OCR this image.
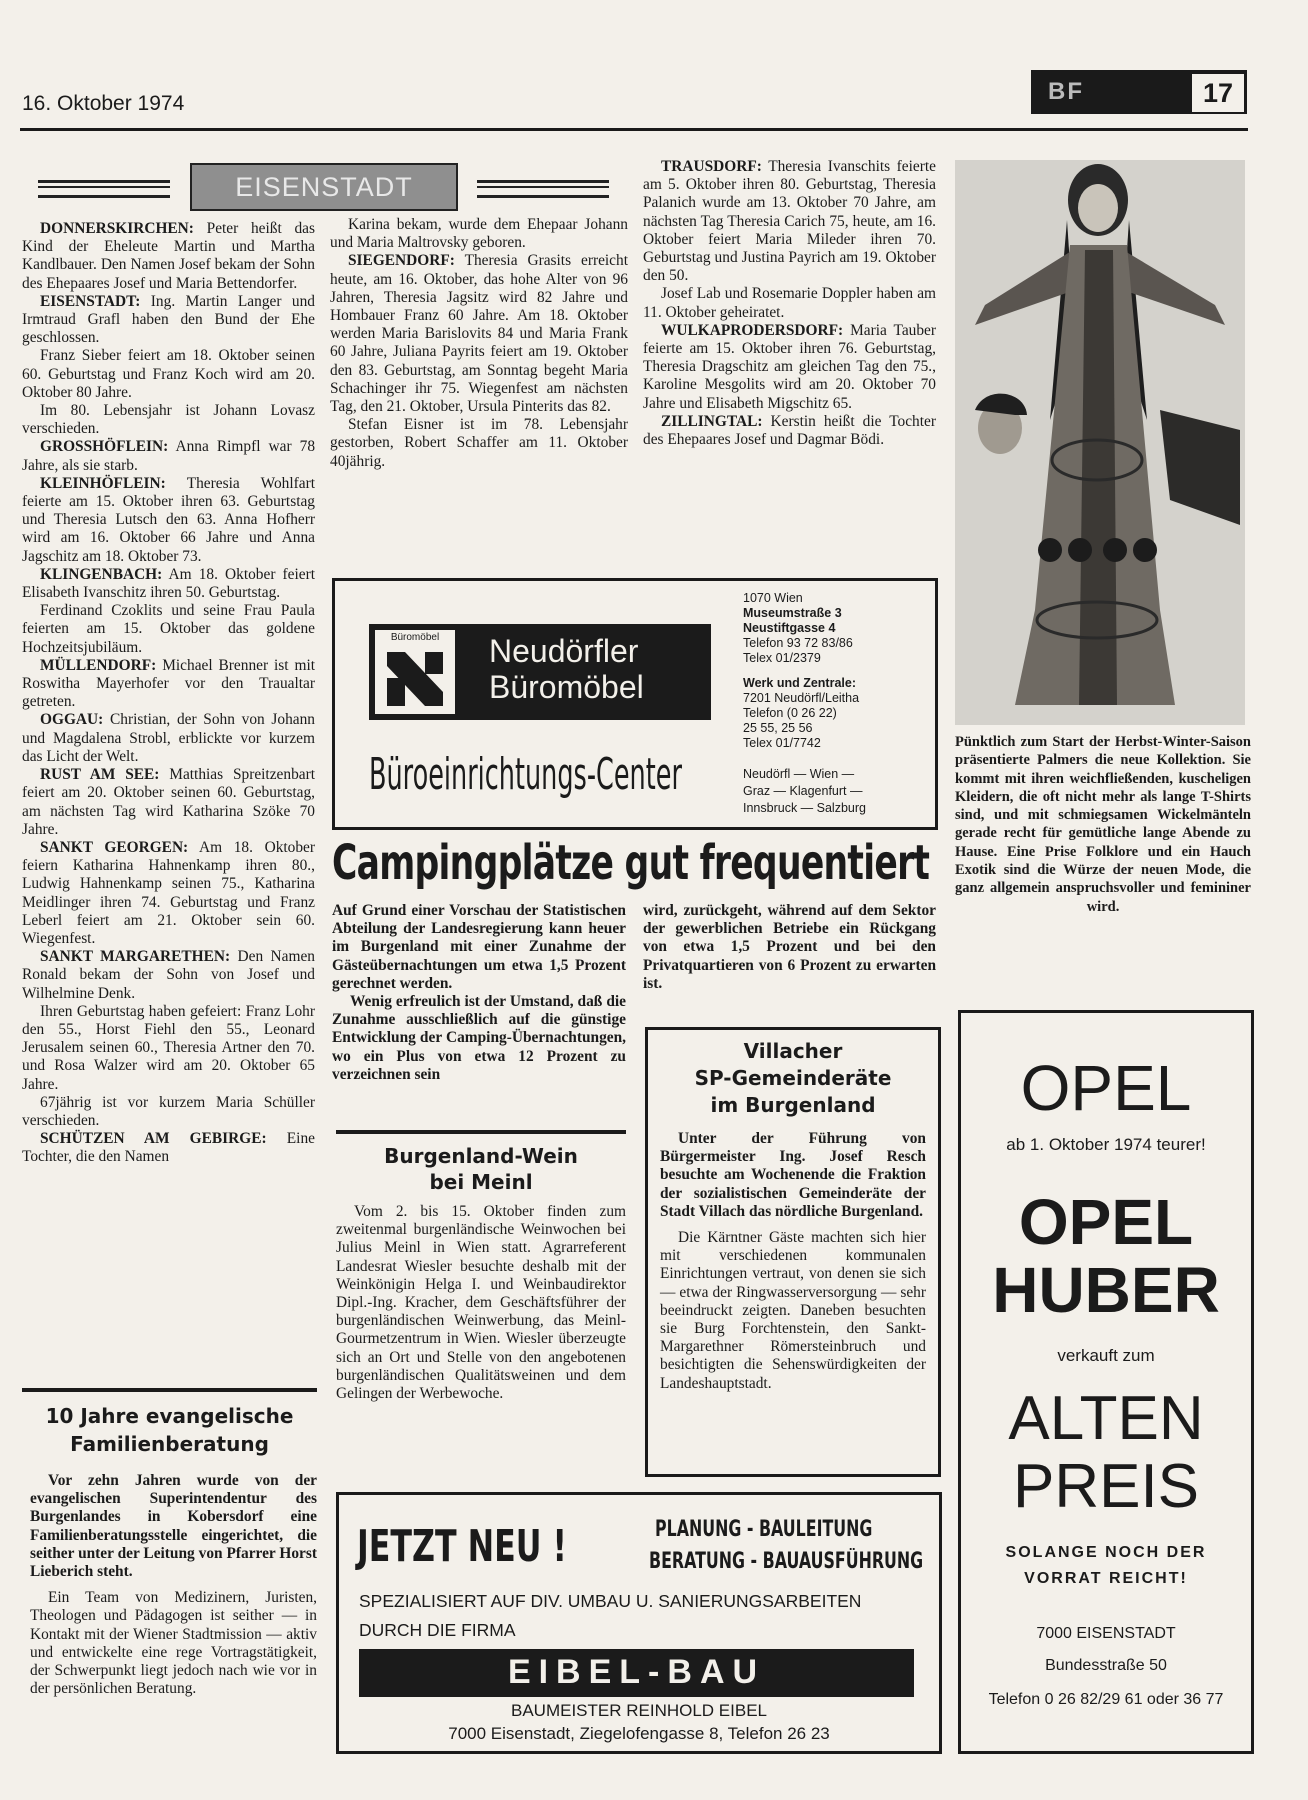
16. Oktober 1974	BF	17
EISENSTADT

DONNERSKIRCHEN: Peter heißt das Kind der Eheleute Martin und Martha Kandlbauer. Den Namen Josef bekam der Sohn des Ehepaares Josef und Maria Bettendorfer.

EISENSTADT: Ing. Martin Langer und Irmtraud Grafl haben den Bund der Ehe geschlossen.

Franz Sieber feiert am 18. Oktober seinen 60. Geburtstag und Franz Koch wird am 20. Oktober 80 Jahre.

Im 80. Lebensjahr ist Johann Lovasz verschieden.

GROSSHÖFLEIN: Anna Rimpfl war 78 Jahre, als sie starb.

KLEINHÖFLEIN: Theresia Wohlfart feierte am 15. Oktober ihren 63. Geburtstag und Theresia Lutsch den 63. Anna Hofherr wird am 16. Oktober 66 Jahre und Anna Jagschitz am 18. Oktober 73.

KLINGENBACH: Am 18. Oktober feiert Elisabeth Ivanschitz ihren 50. Geburtstag.

Ferdinand Czoklits und seine Frau Paula feierten am 15. Oktober das goldene Hochzeitsjubiläum.

MÜLLENDORF: Michael Brenner ist mit Roswitha Mayerhofer vor den Traualtar getreten.

OGGAU: Christian, der Sohn von Johann und Magdalena Strobl, erblickte vor kurzem das Licht der Welt.

RUST AM SEE: Matthias Spreitzenbart feiert am 20. Oktober seinen 60. Geburtstag, am nächsten Tag wird Katharina Szöke 70 Jahre.

SANKT GEORGEN: Am 18. Oktober feiern Katharina Hahnenkamp ihren 80., Ludwig Hahnenkamp seinen 75., Katharina Meidlinger ihren 74. Geburtstag und Franz Leberl feiert am 21. Oktober sein 60. Wiegenfest.

SANKT MARGARETHEN: Den Namen Ronald bekam der Sohn von Josef und Wilhelmine Denk.

Ihren Geburtstag haben gefeiert: Franz Lohr den 55., Horst Fiehl den 55., Leonard Jerusalem seinen 60., Theresia Artner den 70. und Rosa Walzer wird am 20. Oktober 65 Jahre.

67jährig ist vor kurzem Maria Schüller verschieden.

SCHÜTZEN AM GEBIRGE: Eine Tochter, die den Namen

Karina bekam, wurde dem Ehepaar Johann und Maria Maltrovsky geboren.

SIEGENDORF: Theresia Grasits erreicht heute, am 16. Oktober, das hohe Alter von 96 Jahren, Theresia Jagsitz wird 82 Jahre und Hombauer Franz 60 Jahre. Am 18. Oktober werden Maria Barislovits 84 und Maria Frank 60 Jahre, Juliana Payrits feiert am 19. Oktober den 83. Geburtstag, am Sonntag begeht Maria Schachinger ihr 75. Wiegenfest am nächsten Tag, den 21. Oktober, Ursula Pinterits das 82.

Stefan Eisner ist im 78. Lebensjahr gestorben, Robert Schaffer am 11. Oktober 40jährig.

TRAUSDORF: Theresia Ivanschits feierte am 5. Oktober ihren 80. Geburtstag, Theresia Palanich wurde am 13. Oktober 70 Jahre, am nächsten Tag Theresia Carich 75, heute, am 16. Oktober feiert Maria Mileder ihren 70. Geburtstag und Justina Payrich am 19. Oktober den 50.

Josef Lab und Rosemarie Doppler haben am 11. Oktober geheiratet.

WULKAPRODERSDORF: Maria Tauber feierte am 15. Oktober ihren 76. Geburtstag, Theresia Dragschitz am gleichen Tag den 75., Karoline Mesgolits wird am 20. Oktober 70 Jahre und Elisabeth Migschitz 65.

ZILLINGTAL: Kerstin heißt die Tochter des Ehepaares Josef und Dagmar Bödi.

Pünktlich zum Start der Herbst-Winter-Saison präsentierte Palmers die neue Kollektion. Sie kommt mit ihren weichfließenden, kuscheligen Kleidern, die oft nicht mehr als lange T-Shirts sind, und mit schmiegsamen Wickelmänteln gerade recht für gemütliche lange Abende zu Hause. Eine Prise Folklore und ein Hauch Exotik sind die Würze der neuen Mode, die ganz allgemein anspruchsvoller und femininer wird.
Büromöbel	Neudörfler
Büromöbel
Büroeinrichtungs-Center
1070 Wien
Museumstraße 3
Neustiftgasse 4
Telefon 93 72 83/86
Telex 01/2379
Werk und Zentrale:
7201 Neudörfl/Leitha
Telefon (0 26 22)
25 55, 25 56
Telex 01/7742
Neudörfl — Wien —
Graz — Klagenfurt —
Innsbruck — Salzburg
Campingplätze gut frequentiert

Auf Grund einer Vorschau der Statistischen Abteilung der Landesregierung kann heuer im Burgenland mit einer Zunahme der Gästeübernachtungen um etwa 1,5 Prozent gerechnet werden.

Wenig erfreulich ist der Umstand, daß die Zunahme ausschließlich auf die günstige Entwicklung der Camping-Übernachtungen, wo ein Plus von etwa 12 Prozent zu verzeichnen sein

wird, zurückgeht, während auf dem Sektor der gewerblichen Betriebe ein Rückgang von etwa 1,5 Prozent und bei den Privatquartieren von 6 Prozent zu erwarten ist.

10 Jahre evangelische
Familienberatung

Vor zehn Jahren wurde von der evangelischen Superintendentur des Burgenlandes in Kobersdorf eine Familienberatungsstelle eingerichtet, die seither unter der Leitung von Pfarrer Horst Lieberich steht.

Ein Team von Medizinern, Juristen, Theologen und Pädagogen ist seither — in Kontakt mit der Wiener Stadtmission — aktiv und entwickelte eine rege Vortragstätigkeit, der Schwerpunkt liegt jedoch nach wie vor in der persönlichen Beratung.

Burgenland-Wein
bei Meinl

Vom 2. bis 15. Oktober finden zum zweitenmal burgenländische Weinwochen bei Julius Meinl in Wien statt. Agrarreferent Landesrat Wiesler besuchte deshalb mit der Weinkönigin Helga I. und Weinbaudirektor Dipl.-Ing. Kracher, dem Geschäftsführer der burgenländischen Weinwerbung, das Meinl-Gourmetzentrum in Wien. Wiesler überzeugte sich an Ort und Stelle von den angebotenen burgenländischen Qualitätsweinen und dem Gelingen der Werbewoche.

Villacher
SP-Gemeinderäte
im Burgenland

Unter der Führung von Bürgermeister Ing. Josef Resch besuchte am Wochenende die Fraktion der sozialistischen Gemeinderäte der Stadt Villach das nördliche Burgenland.

Die Kärntner Gäste machten sich hier mit verschiedenen kommunalen Einrichtungen vertraut, von denen sie sich — etwa der Ringwasserversorgung — sehr beeindruckt zeigten. Daneben besuchten sie Burg Forchtenstein, den Sankt-Margarethner Römersteinbruch und besichtigten die Sehenswürdigkeiten der Landeshauptstadt.

OPEL
ab 1. Oktober 1974 teurer!
OPEL
HUBER
verkauft zum
ALTEN
PREIS
SOLANGE NOCH DER
VORRAT REICHT!
7000 EISENSTADT
Bundesstraße 50
Telefon 0 26 82/29 61 oder 36 77
JETZT NEU !	PLANUNG - BAULEITUNG
BERATUNG - BAUAUSFÜHRUNG
SPEZIALISIERT AUF DIV. UMBAU U. SANIERUNGSARBEITEN
DURCH DIE FIRMA
EIBEL-BAU
BAUMEISTER REINHOLD EIBEL
7000 Eisenstadt, Ziegelofengasse 8, Telefon 26 23
